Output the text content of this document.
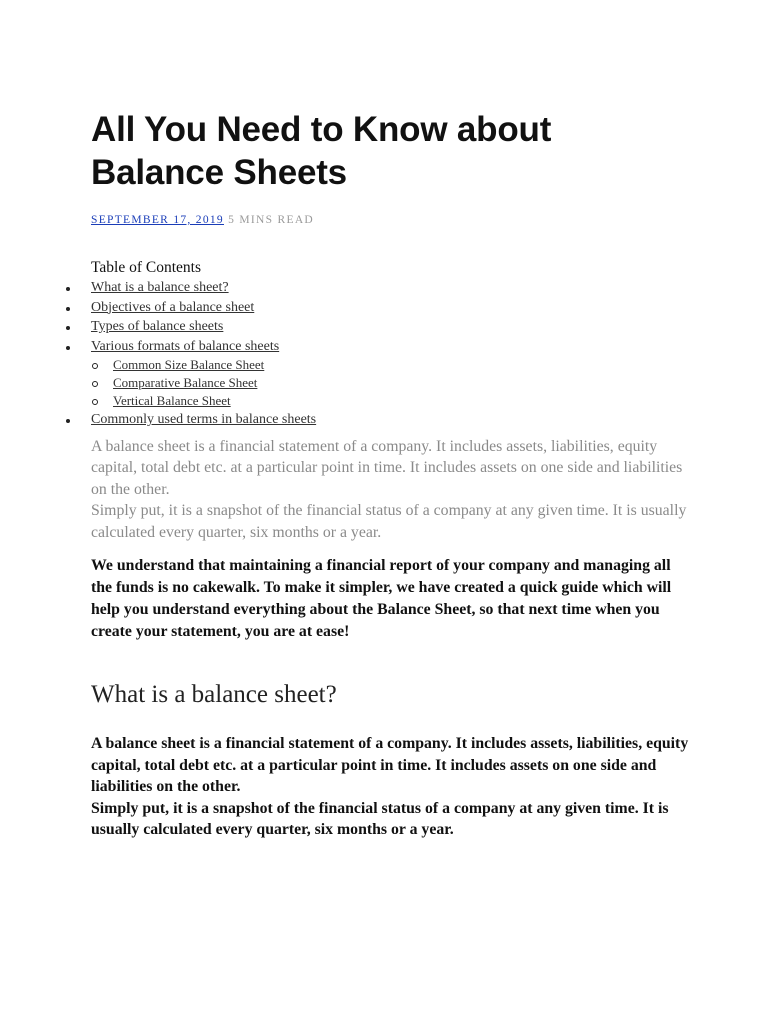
All You Need to Know about Balance Sheets
SEPTEMBER 17, 2019 5 MINS READ
Table of Contents
What is a balance sheet?
Objectives of a balance sheet
Types of balance sheets
Various formats of balance sheets
Common Size Balance Sheet
Comparative Balance Sheet
Vertical Balance Sheet
Commonly used terms in balance sheets

A balance sheet is a financial statement of a company. It includes assets, liabilities, equity capital, total debt etc. at a particular point in time. It includes assets on one side and liabilities on the other.

Simply put, it is a snapshot of the financial status of a company at any given time. It is usually calculated every quarter, six months or a year.

We understand that maintaining a financial report of your company and managing all the funds is no cakewalk. To make it simpler, we have created a quick guide which will help you understand everything about the Balance Sheet, so that next time when you create your statement, you are at ease!

What is a balance sheet?

A balance sheet is a financial statement of a company. It includes assets, liabilities, equity capital, total debt etc. at a particular point in time. It includes assets on one side and liabilities on the other.

Simply put, it is a snapshot of the financial status of a company at any given time. It is usually calculated every quarter, six months or a year.
